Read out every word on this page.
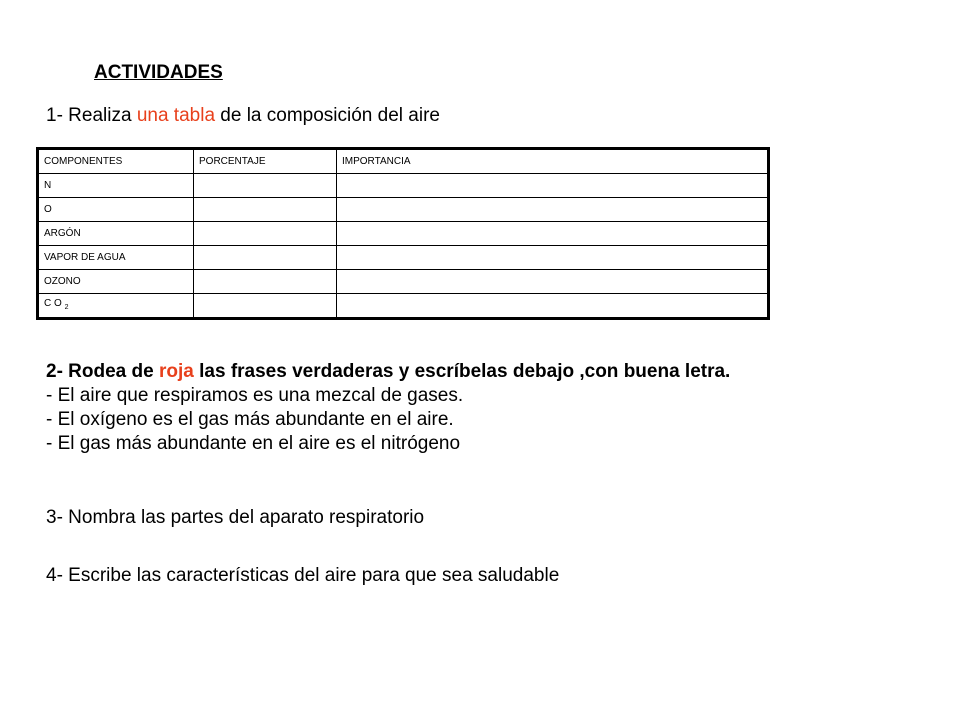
ACTIVIDADES
1- Realiza una tabla de la composición del aire
COMPONENTES	PORCENTAJE	IMPORTANCIA
N		
O		
ARGÓN		
VAPOR DE AGUA		
OZONO		
C O $_2$		
2- Rodea de roja las frases verdaderas y escríbelas debajo ,con buena letra.
- El aire que respiramos es una mezcal de gases.
- El oxígeno es el gas más abundante en el aire.
- El gas más abundante en el aire es el nitrógeno
3- Nombra las partes del aparato respiratorio
4- Escribe las características del aire para que sea saludable
